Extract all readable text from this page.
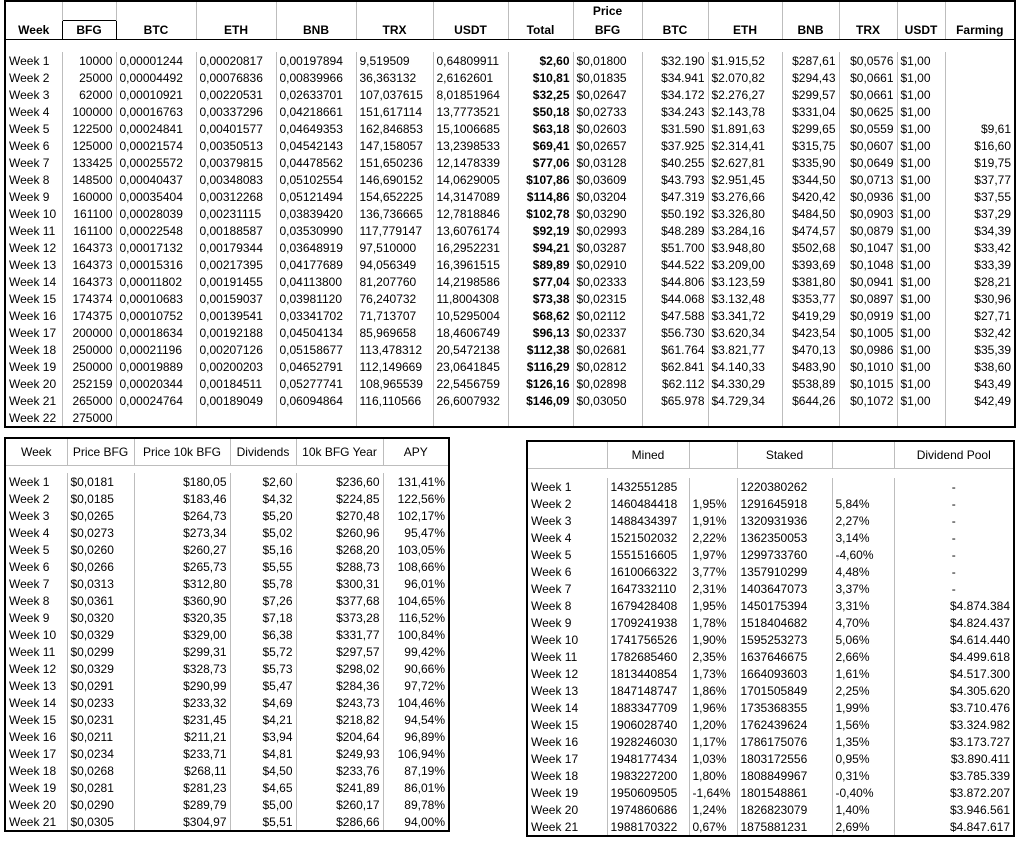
								Price						
Week	BFG	BTC	ETH	BNB	TRX	USDT	Total	BFG	BTC	ETH	BNB	TRX	USDT	Farming

Week 1	10000	0,00001244	0,00020817	0,00197894	9,519509	0,64809911	$2,60	$0,01800	$32.190	$1.915,52	$287,61	$0,0576	$1,00	
Week 2	25000	0,00004492	0,00076836	0,00839966	36,363132	2,6162601	$10,81	$0,01835	$34.941	$2.070,82	$294,43	$0,0661	$1,00	
Week 3	62000	0,00010921	0,00220531	0,02633701	107,037615	8,01851964	$32,25	$0,02647	$34.172	$2.276,27	$299,57	$0,0661	$1,00	
Week 4	100000	0,00016763	0,00337296	0,04218661	151,617114	13,7773521	$50,18	$0,02733	$34.243	$2.143,78	$331,04	$0,0625	$1,00	
Week 5	122500	0,00024841	0,00401577	0,04649353	162,846853	15,1006685	$63,18	$0,02603	$31.590	$1.891,63	$299,65	$0,0559	$1,00	$9,61
Week 6	125000	0,00021574	0,00350513	0,04542143	147,158057	13,2398533	$69,41	$0,02657	$37.925	$2.314,41	$315,75	$0,0607	$1,00	$16,60
Week 7	133425	0,00025572	0,00379815	0,04478562	151,650236	12,1478339	$77,06	$0,03128	$40.255	$2.627,81	$335,90	$0,0649	$1,00	$19,75
Week 8	148500	0,00040437	0,00348083	0,05102554	146,690152	14,0629005	$107,86	$0,03609	$43.793	$2.951,45	$344,50	$0,0713	$1,00	$37,77
Week 9	160000	0,00035404	0,00312268	0,05121494	154,652225	14,3147089	$114,86	$0,03204	$47.319	$3.276,66	$420,42	$0,0936	$1,00	$37,55
Week 10	161100	0,00028039	0,00231115	0,03839420	136,736665	12,7818846	$102,78	$0,03290	$50.192	$3.326,80	$484,50	$0,0903	$1,00	$37,29
Week 11	161100	0,00022548	0,00188587	0,03530990	117,779147	13,6076174	$92,19	$0,02993	$48.289	$3.284,16	$474,57	$0,0879	$1,00	$34,39
Week 12	164373	0,00017132	0,00179344	0,03648919	97,510000	16,2952231	$94,21	$0,03287	$51.700	$3.948,80	$502,68	$0,1047	$1,00	$33,42
Week 13	164373	0,00015316	0,00217395	0,04177689	94,056349	16,3961515	$89,89	$0,02910	$44.522	$3.209,00	$393,69	$0,1048	$1,00	$33,39
Week 14	164373	0,00011802	0,00191455	0,04113800	81,207760	14,2198586	$77,04	$0,02333	$44.806	$3.123,59	$381,80	$0,0941	$1,00	$28,21
Week 15	174374	0,00010683	0,00159037	0,03981120	76,240732	11,8004308	$73,38	$0,02315	$44.068	$3.132,48	$353,77	$0,0897	$1,00	$30,96
Week 16	174375	0,00010752	0,00139541	0,03341702	71,713707	10,5295004	$68,62	$0,02112	$47.588	$3.341,72	$419,29	$0,0919	$1,00	$27,71
Week 17	200000	0,00018634	0,00192188	0,04504134	85,969658	18,4606749	$96,13	$0,02337	$56.730	$3.620,34	$423,54	$0,1005	$1,00	$32,42
Week 18	250000	0,00021196	0,00207126	0,05158677	113,478312	20,5472138	$112,38	$0,02681	$61.764	$3.821,77	$470,13	$0,0986	$1,00	$35,39
Week 19	250000	0,00019889	0,00200203	0,04652791	112,149669	23,0641845	$116,29	$0,02812	$62.841	$4.140,33	$483,90	$0,1010	$1,00	$38,60
Week 20	252159	0,00020344	0,00184511	0,05277741	108,965539	22,5456759	$126,16	$0,02898	$62.112	$4.330,29	$538,89	$0,1015	$1,00	$43,49
Week 21	265000	0,00024764	0,00189049	0,06094864	116,110566	26,6007932	$146,09	$0,03050	$65.978	$4.729,34	$644,26	$0,1072	$1,00	$42,49
Week 22	275000													
Week	Price BFG	Price 10k BFG	Dividends	10k BFG Year	APY

Week 1	$0,0181	$180,05	$2,60	$236,60	131,41%
Week 2	$0,0185	$183,46	$4,32	$224,85	122,56%
Week 3	$0,0265	$264,73	$5,20	$270,48	102,17%
Week 4	$0,0273	$273,34	$5,02	$260,96	95,47%
Week 5	$0,0260	$260,27	$5,16	$268,20	103,05%
Week 6	$0,0266	$265,73	$5,55	$288,73	108,66%
Week 7	$0,0313	$312,80	$5,78	$300,31	96,01%
Week 8	$0,0361	$360,90	$7,26	$377,68	104,65%
Week 9	$0,0320	$320,35	$7,18	$373,28	116,52%
Week 10	$0,0329	$329,00	$6,38	$331,77	100,84%
Week 11	$0,0299	$299,31	$5,72	$297,57	99,42%
Week 12	$0,0329	$328,73	$5,73	$298,02	90,66%
Week 13	$0,0291	$290,99	$5,47	$284,36	97,72%
Week 14	$0,0233	$233,32	$4,69	$243,73	104,46%
Week 15	$0,0231	$231,45	$4,21	$218,82	94,54%
Week 16	$0,0211	$211,21	$3,94	$204,64	96,89%
Week 17	$0,0234	$233,71	$4,81	$249,93	106,94%
Week 18	$0,0268	$268,11	$4,50	$233,76	87,19%
Week 19	$0,0281	$281,23	$4,65	$241,89	86,01%
Week 20	$0,0290	$289,79	$5,00	$260,17	89,78%
Week 21	$0,0305	$304,97	$5,51	$286,66	94,00%
	Mined		Staked		Dividend Pool

Week 1	1432551285		1220380262		-
Week 2	1460484418	1,95%	1291645918	5,84%	-
Week 3	1488434397	1,91%	1320931936	2,27%	-
Week 4	1521502032	2,22%	1362350053	3,14%	-
Week 5	1551516605	1,97%	1299733760	-4,60%	-
Week 6	1610066322	3,77%	1357910299	4,48%	-
Week 7	1647332110	2,31%	1403647073	3,37%	-
Week 8	1679428408	1,95%	1450175394	3,31%	$4.874.384
Week 9	1709241938	1,78%	1518404682	4,70%	$4.824.437
Week 10	1741756526	1,90%	1595253273	5,06%	$4.614.440
Week 11	1782685460	2,35%	1637646675	2,66%	$4.499.618
Week 12	1813440854	1,73%	1664093603	1,61%	$4.517.300
Week 13	1847148747	1,86%	1701505849	2,25%	$4.305.620
Week 14	1883347709	1,96%	1735368355	1,99%	$3.710.476
Week 15	1906028740	1,20%	1762439624	1,56%	$3.324.982
Week 16	1928246030	1,17%	1786175076	1,35%	$3.173.727
Week 17	1948177434	1,03%	1803172556	0,95%	$3.890.411
Week 18	1983227200	1,80%	1808849967	0,31%	$3.785.339
Week 19	1950609505	-1,64%	1801548861	-0,40%	$3.872.207
Week 20	1974860686	1,24%	1826823079	1,40%	$3.946.561
Week 21	1988170322	0,67%	1875881231	2,69%	$4.847.617
